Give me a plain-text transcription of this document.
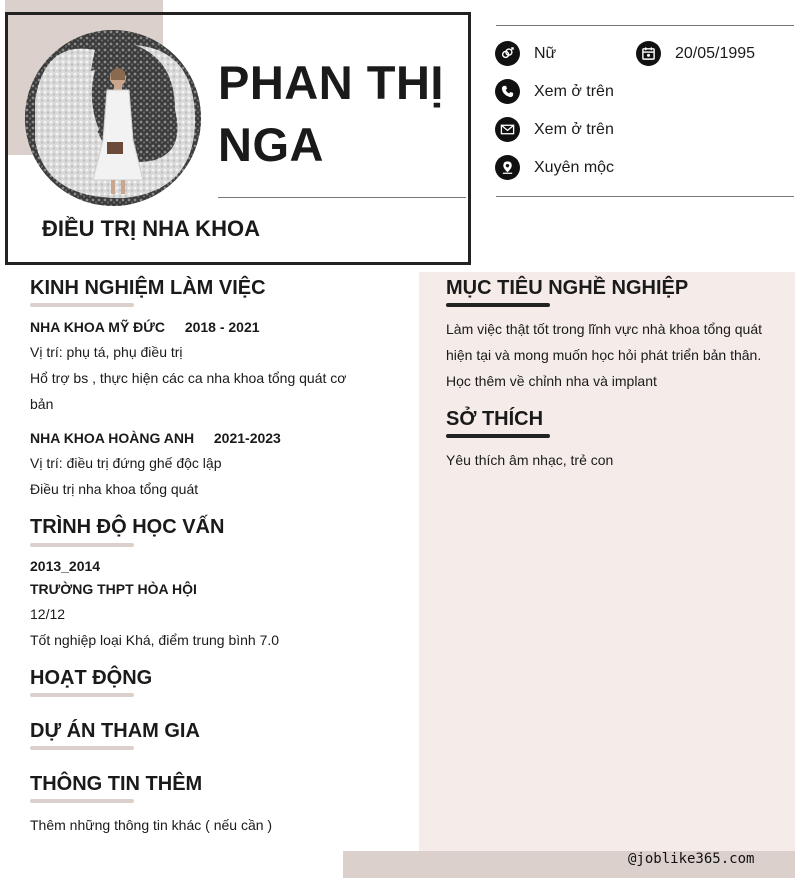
PHAN THỊ
NGA
ĐIỀU TRỊ NHA KHOA
Nữ	20/05/1995
Xem ở trên
Xem ở trên
Xuyên mộc
KINH NGHIỆM LÀM VIỆC
NHA KHOA MỸ ĐỨC 2018 - 2021
Vị trí: phụ tá, phụ điều trị
Hổ trợ bs , thực hiện các ca nha khoa tổng quát cơ
bản
NHA KHOA HOÀNG ANH 2021-2023
Vị trí: điều trị đứng ghế độc lập
Điều trị nha khoa tổng quát
TRÌNH ĐỘ HỌC VẤN
2013_2014
TRƯỜNG THPT HÒA HỘI
12/12
Tốt nghiệp loại Khá, điểm trung bình 7.0
HOẠT ĐỘNG
DỰ ÁN THAM GIA
THÔNG TIN THÊM
Thêm những thông tin khác ( nếu cần )
MỤC TIÊU NGHỀ NGHIỆP
Làm việc thật tốt trong lĩnh vực nhà khoa tổng quát
hiện tại và mong muốn học hỏi phát triển bản thân.
Học thêm về chỉnh nha và implant
SỞ THÍCH
Yêu thích âm nhạc, trẻ con
@joblike365.com
